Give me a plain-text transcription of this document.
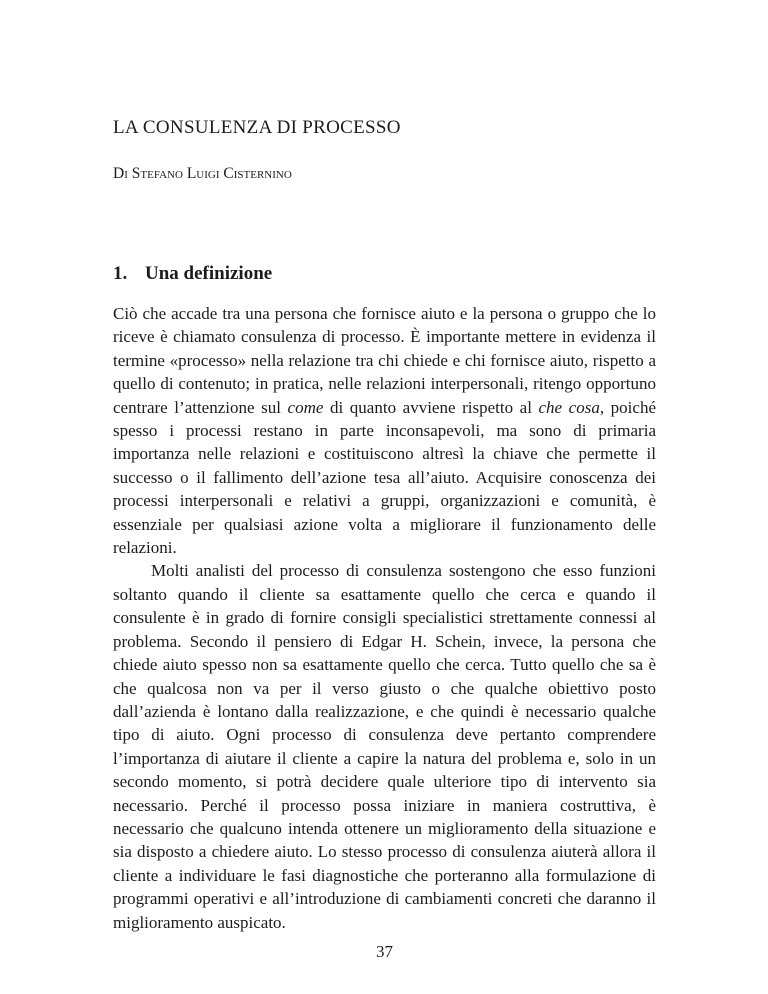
LA CONSULENZA DI PROCESSO
Di Stefano Luigi Cisternino
1. Una definizione

Ciò che accade tra una persona che fornisce aiuto e la persona o gruppo che lo riceve è chiamato consulenza di processo. È importante mettere in evidenza il termine «processo» nella relazione tra chi chiede e chi fornisce aiuto, rispetto a quello di contenuto; in pratica, nelle relazioni interpersonali, ritengo opportuno centrare l’attenzione sul come di quanto avviene rispetto al che cosa, poiché spesso i processi restano in parte inconsapevoli, ma sono di primaria importanza nelle relazioni e costituiscono altresì la chiave che permette il successo o il fallimento dell’azione tesa all’aiuto. Acquisire conoscenza dei processi interpersonali e relativi a gruppi, organizzazioni e comunità, è essenziale per qualsiasi azione volta a migliorare il funzionamento delle relazioni.

Molti analisti del processo di consulenza sostengono che esso funzioni soltanto quando il cliente sa esattamente quello che cerca e quando il consulente è in grado di fornire consigli specialistici strettamente connessi al problema. Secondo il pensiero di Edgar H. Schein, invece, la persona che chiede aiuto spesso non sa esattamente quello che cerca. Tutto quello che sa è che qualcosa non va per il verso giusto o che qualche obiettivo posto dall’azienda è lontano dalla realizzazione, e che quindi è necessario qualche tipo di aiuto. Ogni processo di consulenza deve pertanto comprendere l’importanza di aiutare il cliente a capire la natura del problema e, solo in un secondo momento, si potrà decidere quale ulteriore tipo di intervento sia necessario. Perché il processo possa iniziare in maniera costruttiva, è necessario che qualcuno intenda ottenere un miglioramento della situazione e sia disposto a chiedere aiuto. Lo stesso processo di consulenza aiuterà allora il cliente a individuare le fasi diagnostiche che porteranno alla formulazione di programmi operativi e all’introduzione di cambiamenti concreti che daranno il miglioramento auspicato.

37
